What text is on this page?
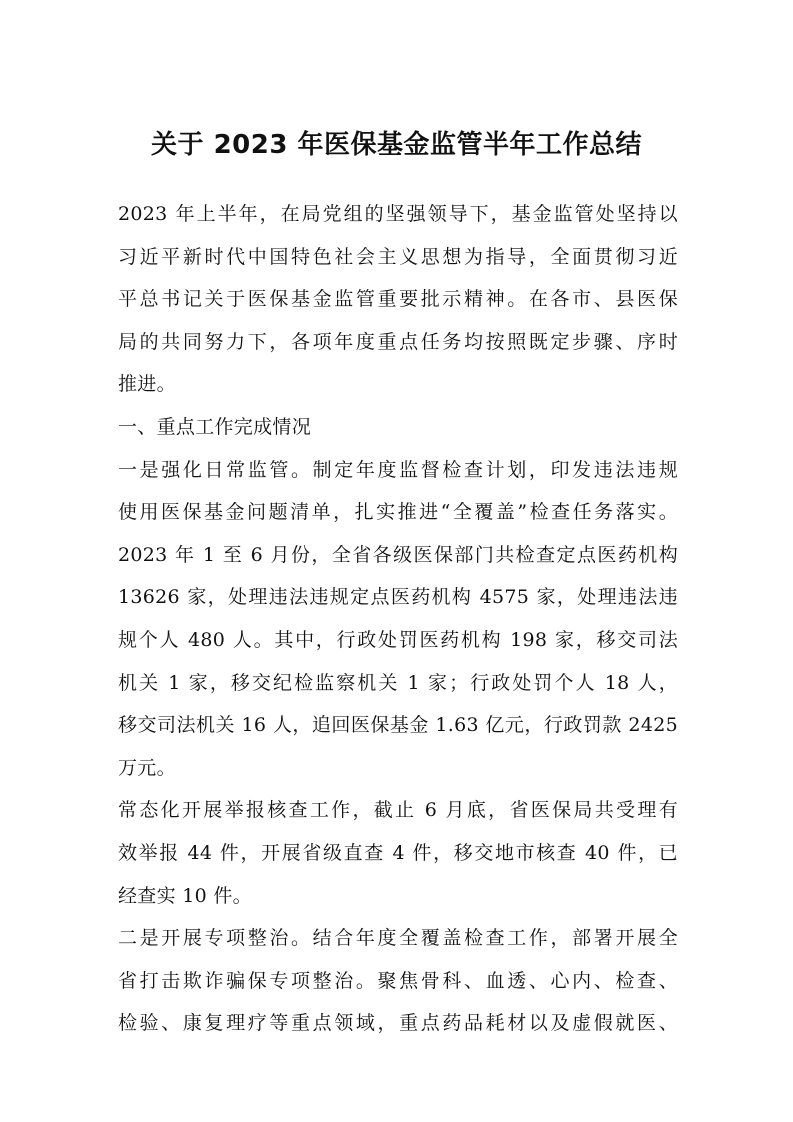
关于 2023 年医保基金监管半年工作总结
2023 年上半年，在局党组的坚强领导下，基金监管处坚持以
习近平新时代中国特色社会主义思想为指导，全面贯彻习近
平总书记关于医保基金监管重要批示精神。在各市、县医保
局的共同努力下，各项年度重点任务均按照既定步骤、序时
推进。
一、重点工作完成情况
一是强化日常监管。制定年度监督检查计划，印发违法违规
使用医保基金问题清单，扎实推进“全覆盖”检查任务落实。
2023 年 1 至 6 月份，全省各级医保部门共检查定点医药机构
13626 家，处理违法违规定点医药机构 4575 家，处理违法违
规个人 480 人。其中，行政处罚医药机构 198 家，移交司法
机关 1 家，移交纪检监察机关 1 家；行政处罚个人 18 人，
移交司法机关 16 人，追回医保基金 1.63 亿元，行政罚款 2425
万元。
常态化开展举报核查工作，截止 6 月底，省医保局共受理有
效举报 44 件，开展省级直查 4 件，移交地市核查 40 件，已
经查实 10 件。
二是开展专项整治。结合年度全覆盖检查工作，部署开展全
省打击欺诈骗保专项整治。聚焦骨科、血透、心内、检查、
检验、康复理疗等重点领域，重点药品耗材以及虚假就医、
